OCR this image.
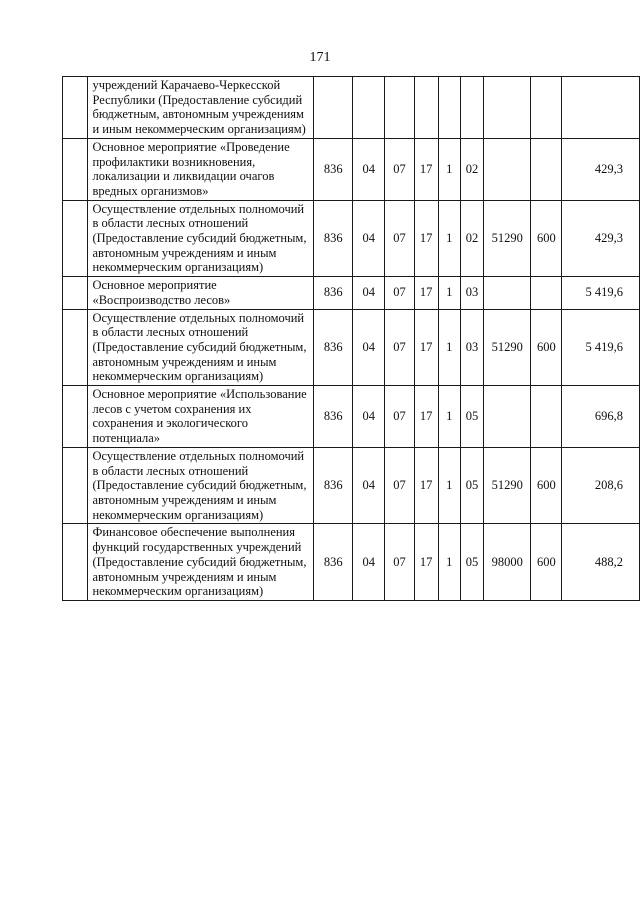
171
	учреждений Карачаево-Черкесской Республики (Предоставление субсидий бюджетным, автономным учреждениям и иным некоммерческим организациям)									
	Основное мероприятие «Проведение профилактики возникновения, локализации и ликвидации очагов вредных организмов»	836	04	07	17	1	02			429,3
	Осуществление отдельных полномочий в области лесных отношений (Предоставление субсидий бюджетным, автономным учреждениям и иным некоммерческим организациям)	836	04	07	17	1	02	51290	600	429,3
	Основное мероприятие «Воспроизводство лесов»	836	04	07	17	1	03			5 419,6
	Осуществление отдельных полномочий в области лесных отношений (Предоставление субсидий бюджетным, автономным учреждениям и иным некоммерческим организациям)	836	04	07	17	1	03	51290	600	5 419,6
	Основное мероприятие «Использование лесов с учетом сохранения их сохранения и экологического потенциала»	836	04	07	17	1	05			696,8
	Осуществление отдельных полномочий в области лесных отношений (Предоставление субсидий бюджетным, автономным учреждениям и иным некоммерческим организациям)	836	04	07	17	1	05	51290	600	208,6
	Финансовое обеспечение выполнения функций государственных учреждений (Предоставление субсидий бюджетным, автономным учреждениям и иным некоммерческим организациям)	836	04	07	17	1	05	98000	600	488,2
